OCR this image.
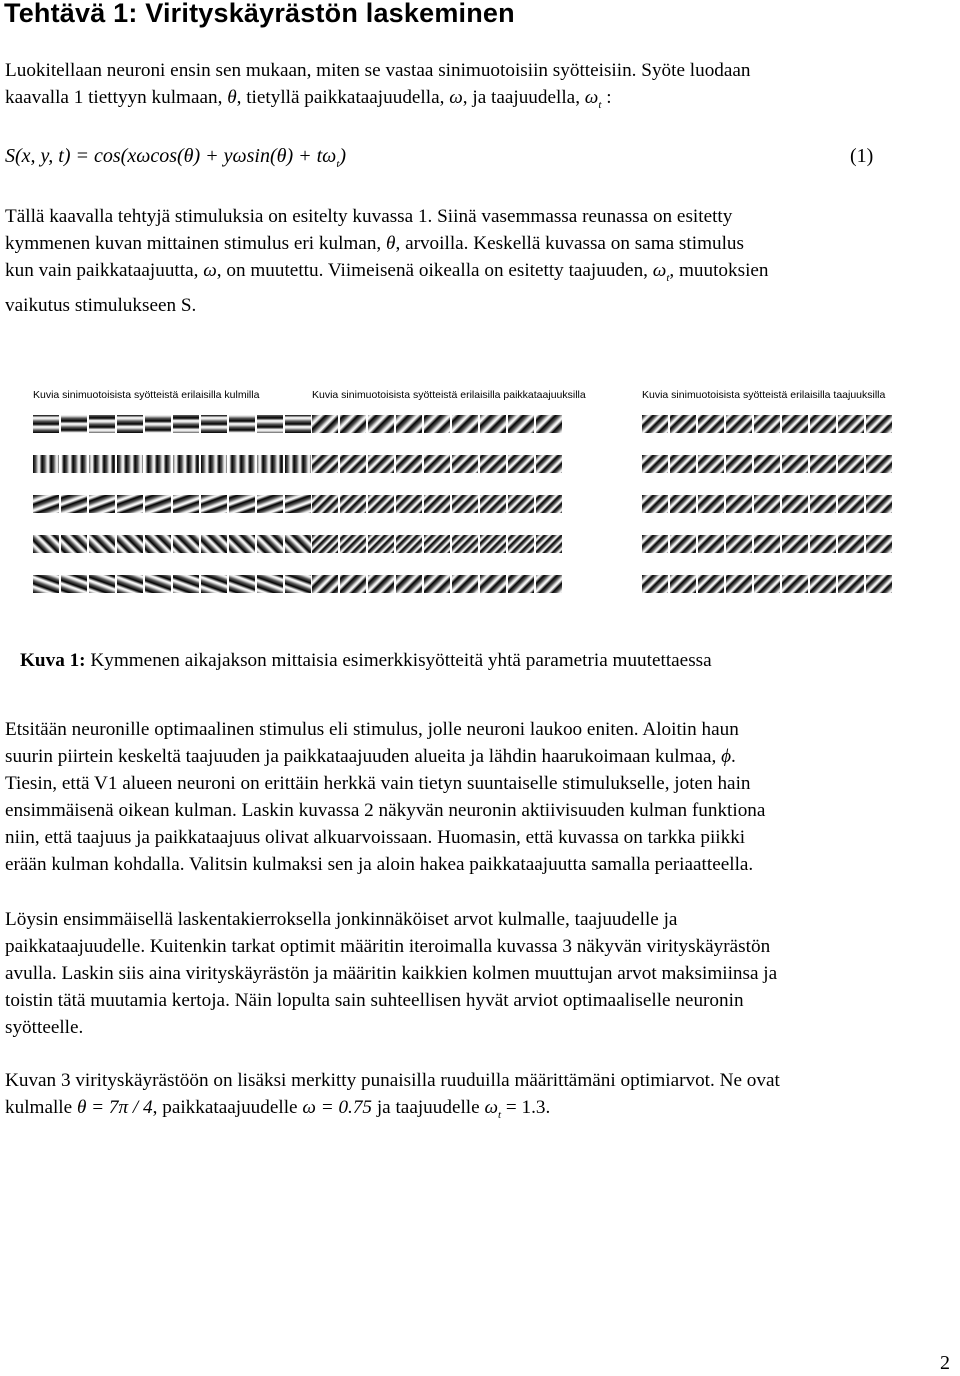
Tehtävä 1: Virityskäyrästön laskeminen

Luokitellaan neuroni ensin sen mukaan, miten se vastaa sinimuotoisiin syötteisiin. Syöte luodaan

kaavalla 1 tiettyyn kulmaan, θ, tietyllä paikkataajuudella, ω, ja taajuudella, $\omega_t$ :

S(x, y, $t) = \cos(x\omega\cos(\theta) + y\omega\sin(\theta) + t\omega_t)$	(1)

Tällä kaavalla tehtyjä stimuluksia on esitelty kuvassa 1. Siinä vasemmassa reunassa on esitetty

kymmenen kuvan mittainen stimulus eri kulman, θ, arvoilla. Keskellä kuvassa on sama stimulus

kun vain paikkataajuutta, ω, on muutettu. Viimeisenä oikealla on esitetty taajuuden, $\omega_t$, muutoksien

vaikutus stimulukseen S.

Kuvia sinimuotoisista syötteistä erilaisilla kulmilla	Kuvia sinimuotoisista syötteistä erilaisilla paikkataajuuksilla	Kuvia sinimuotoisista syötteistä erilaisilla taajuuksilla
Kuva 1: Kymmenen aikajakson mittaisia esimerkkisyötteitä yhtä parametria muutettaessa

Etsitään neuronille optimaalinen stimulus eli stimulus, jolle neuroni laukoo eniten. Aloitin haun

suurin piirtein keskeltä taajuuden ja paikkataajuuden alueita ja lähdin haarukoimaan kulmaa, ϕ.

Tiesin, että V1 alueen neuroni on erittäin herkkä vain tietyn suuntaiselle stimulukselle, joten hain

ensimmäisenä oikean kulman. Laskin kuvassa 2 näkyvän neuronin aktiivisuuden kulman funktiona

niin, että taajuus ja paikkataajuus olivat alkuarvoissaan. Huomasin, että kuvassa on tarkka piikki

erään kulman kohdalla. Valitsin kulmaksi sen ja aloin hakea paikkataajuutta samalla periaatteella.

Löysin ensimmäisellä laskentakierroksella jonkinnäköiset arvot kulmalle, taajuudelle ja

paikkataajuudelle. Kuitenkin tarkat optimit määritin iteroimalla kuvassa 3 näkyvän virityskäyrästön

avulla. Laskin siis aina virityskäyrästön ja määritin kaikkien kolmen muuttujan arvot maksimiinsa ja

toistin tätä muutamia kertoja. Näin lopulta sain suhteellisen hyvät arviot optimaaliselle neuronin

syötteelle.

Kuvan 3 virityskäyrästöön on lisäksi merkitty punaisilla ruuduilla määrittämäni optimiarvot. Ne ovat

kulmalle θ = 7π / 4, paikkataajuudelle ω = 0.75 ja taajuudelle $\omega_t = 1.3$.

2
